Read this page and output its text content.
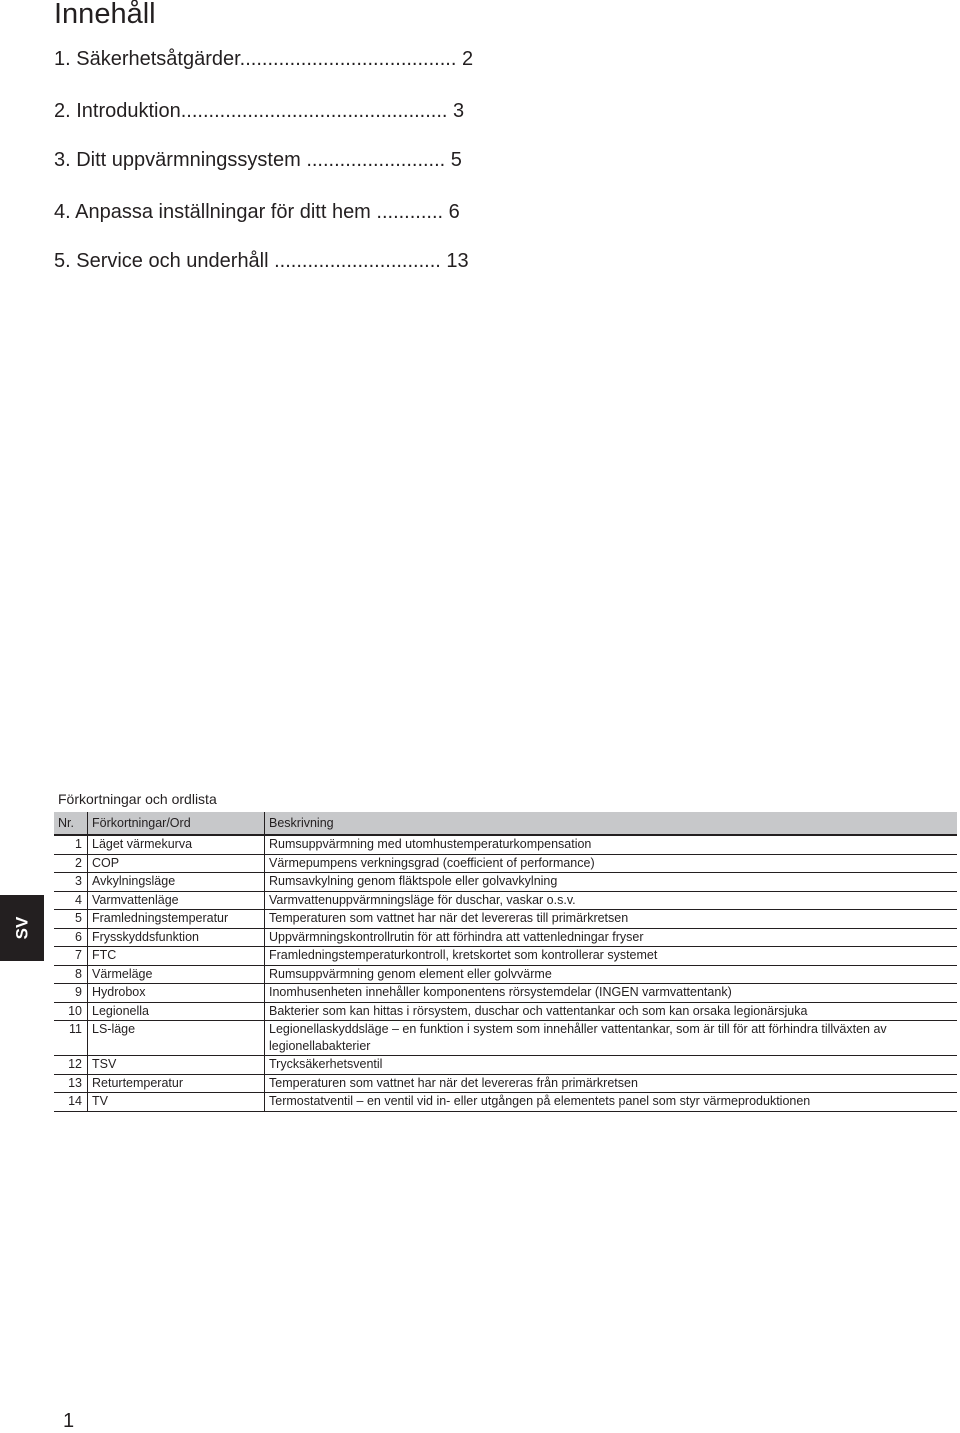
Innehåll
1. Säkerhetsåtgärder....................................... 2
2. Introduktion................................................ 3
3. Ditt uppvärmningssystem ......................... 5
4. Anpassa inställningar för ditt hem ............ 6
5. Service och underhåll .............................. 13
Förkortningar och ordlista
Nr.	Förkortningar/Ord	Beskrivning
1	Läget värmekurva	Rumsuppvärmning med utomhustemperaturkompensation
2	COP	Värmepumpens verkningsgrad (coefficient of performance)
3	Avkylningsläge	Rumsavkylning genom fläktspole eller golvavkylning
4	Varmvattenläge	Varmvattenuppvärmningsläge för duschar, vaskar o.s.v.
5	Framledningstemperatur	Temperaturen som vattnet har när det levereras till primärkretsen
6	Frysskyddsfunktion	Uppvärmningskontrollrutin för att förhindra att vattenledningar fryser
7	FTC	Framledningstemperaturkontroll, kretskortet som kontrollerar systemet
8	Värmeläge	Rumsuppvärmning genom element eller golvvärme
9	Hydrobox	Inomhusenheten innehåller komponentens rörsystemdelar (INGEN varmvattentank)
10	Legionella	Bakterier som kan hittas i rörsystem, duschar och vattentankar och som kan orsaka legionärsjuka
11	LS-läge	Legionellaskyddsläge – en funktion i system som innehåller vattentankar, som är till för att förhindra tillväxten av legionellabakterier
12	TSV	Trycksäkerhetsventil
13	Returtemperatur	Temperaturen som vattnet har när det levereras från primärkretsen
14	TV	Termostatventil – en ventil vid in- eller utgången på elementets panel som styr värmeproduktionen
SV
1
